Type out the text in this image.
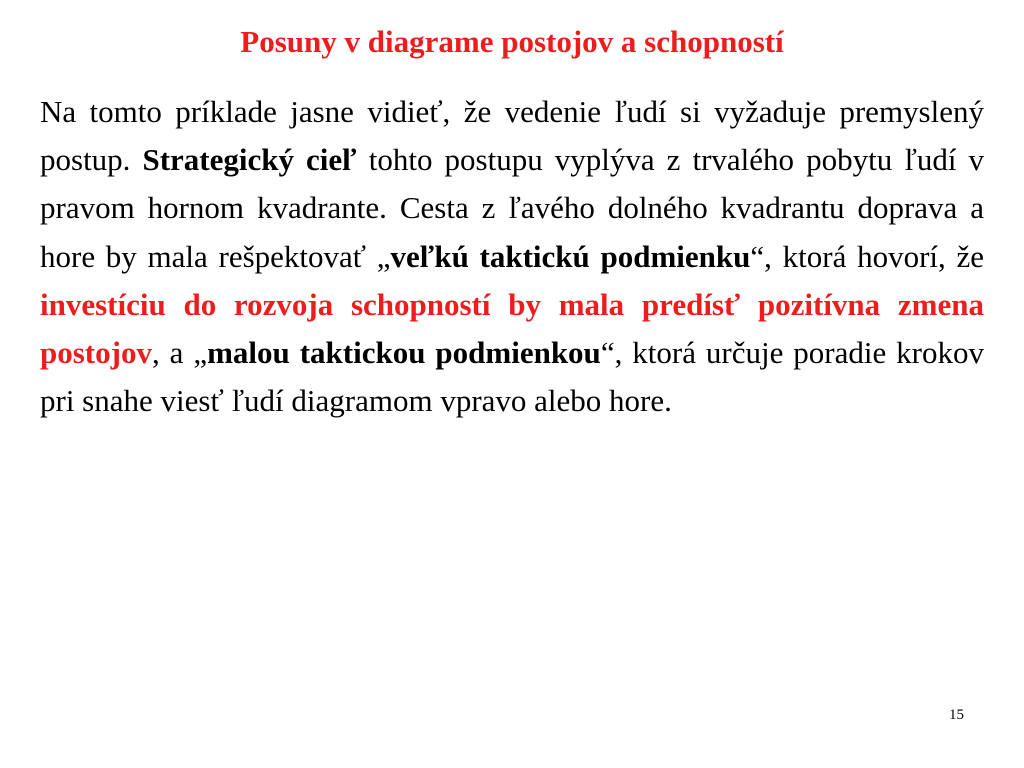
Posuny v diagrame postojov a schopností

Na tomto príklade jasne vidieť, že vedenie ľudí si vyžaduje premyslený postup. Strategický cieľ tohto postupu vyplýva z trvalého pobytu ľudí v pravom hornom kvadrante. Cesta z ľavého dolného kvadrantu doprava a hore by mala rešpektovať „veľkú taktickú podmienku“, ktorá hovorí, že investíciu do rozvoja schopností by mala predísť pozitívna zmena postojov, a „malou taktickou podmienkou“, ktorá určuje poradie krokov pri snahe viesť ľudí diagramom vpravo alebo hore.

15
